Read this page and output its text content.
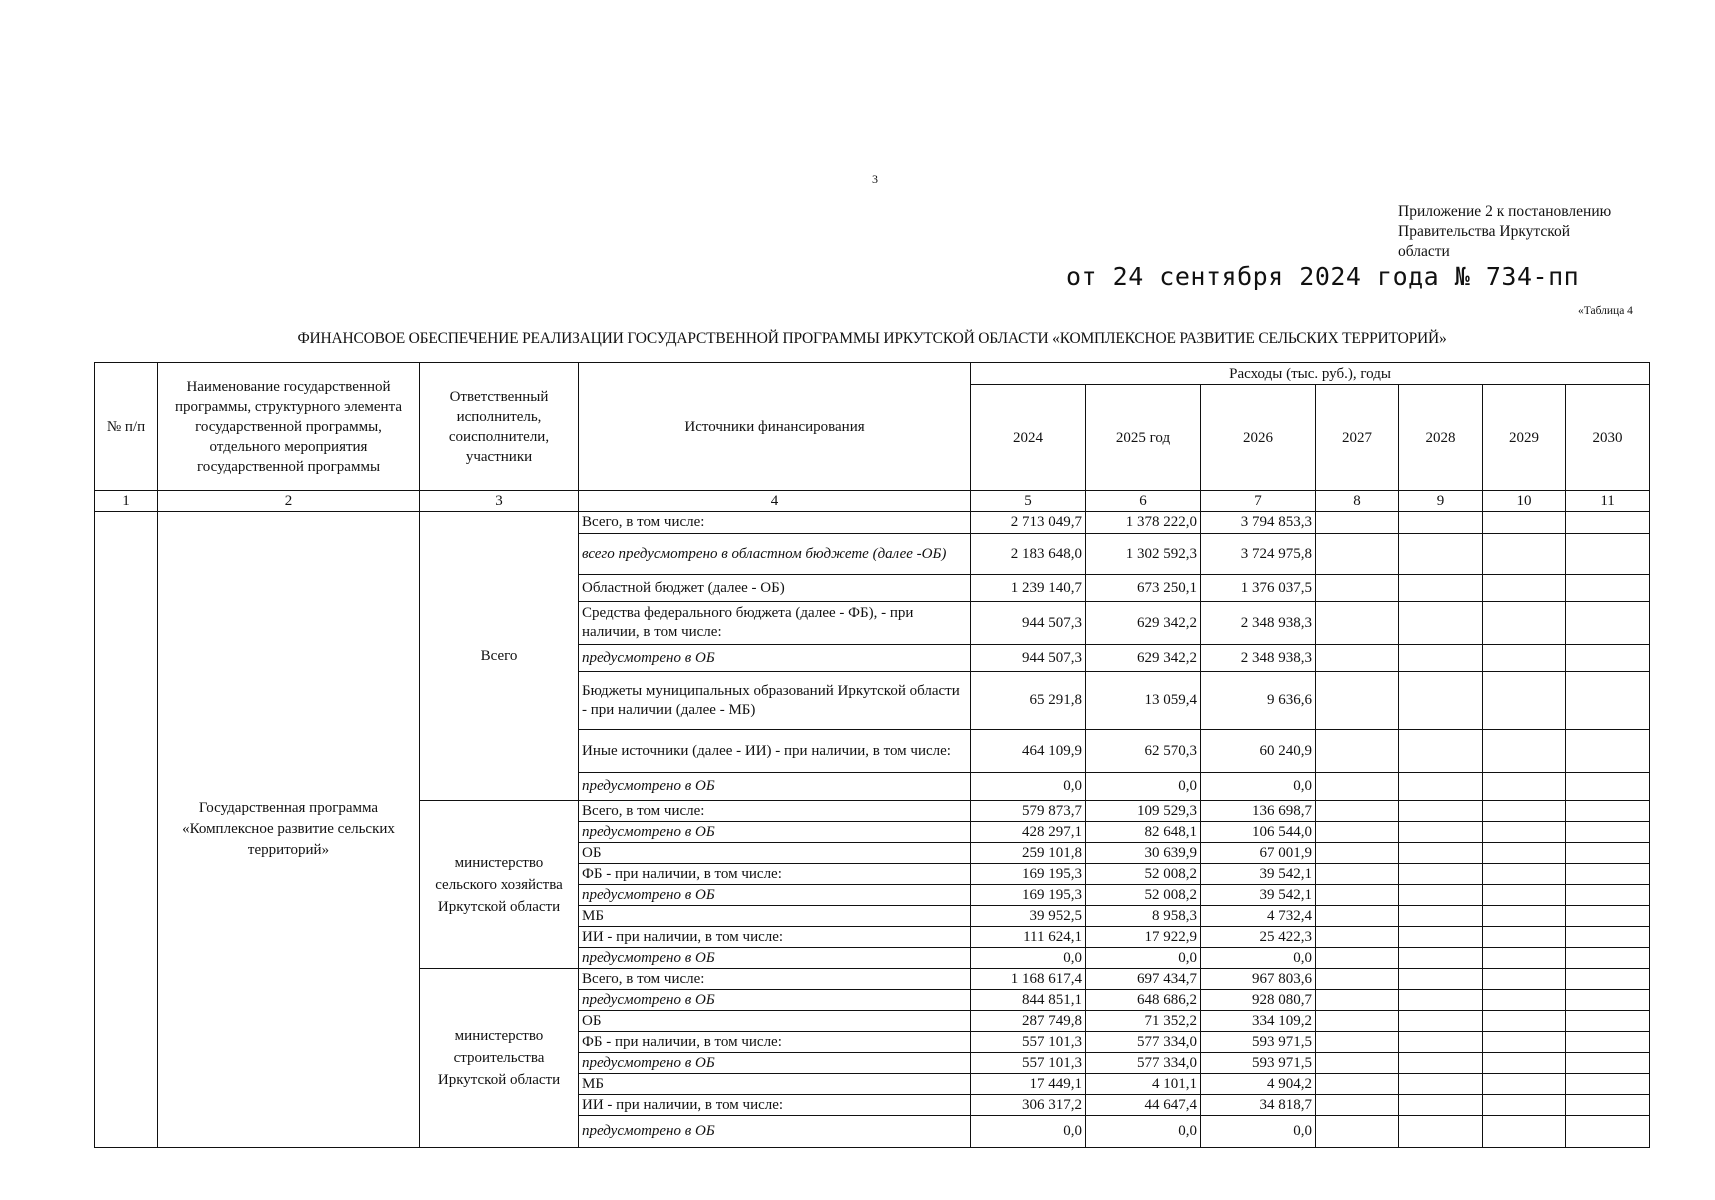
3
Приложение 2 к постановлению
Правительства Иркутской
области
от 24 сентября 2024 года № 734-пп
«Таблица 4
ФИНАНСОВОЕ ОБЕСПЕЧЕНИЕ РЕАЛИЗАЦИИ ГОСУДАРСТВЕННОЙ ПРОГРАММЫ ИРКУТСКОЙ ОБЛАСТИ «КОМПЛЕКСНОЕ РАЗВИТИЕ СЕЛЬСКИХ ТЕРРИТОРИЙ»
№ п/п	Наименование государственной программы, структурного элемента государственной программы, отдельного мероприятия государственной программы	Ответственный исполнитель, соисполнители, участники	Источники финансирования	Расходы (тыс. руб.), годы						
				2024	2025 год	2026	2027	2028	2029	2030
1	2	3	4	5	6	7	8	9	10	11
	Государственная программа «Комплексное развитие сельских территорий»	Всего	Всего, в том числе:	2 713 049,7	1 378 222,0	3 794 853,3				
			всего предусмотрено в областном бюджете (далее -ОБ)	2 183 648,0	1 302 592,3	3 724 975,8				
			Областной бюджет (далее - ОБ)	1 239 140,7	673 250,1	1 376 037,5				
			Средства федерального бюджета (далее - ФБ), - при наличии, в том числе:	944 507,3	629 342,2	2 348 938,3				
			предусмотрено в ОБ	944 507,3	629 342,2	2 348 938,3				
			Бюджеты муниципальных образований Иркутской области - при наличии (далее - МБ)	65 291,8	13 059,4	9 636,6				
			Иные источники (далее - ИИ) - при наличии, в том числе:	464 109,9	62 570,3	60 240,9				
			предусмотрено в ОБ	0,0	0,0	0,0				
		министерство сельского хозяйства Иркутской области	Всего, в том числе:	579 873,7	109 529,3	136 698,7				
			предусмотрено в ОБ	428 297,1	82 648,1	106 544,0				
			ОБ	259 101,8	30 639,9	67 001,9				
			ФБ - при наличии, в том числе:	169 195,3	52 008,2	39 542,1				
			предусмотрено в ОБ	169 195,3	52 008,2	39 542,1				
			МБ	39 952,5	8 958,3	4 732,4				
			ИИ - при наличии, в том числе:	111 624,1	17 922,9	25 422,3				
			предусмотрено в ОБ	0,0	0,0	0,0				
		министерство строительства Иркутской области	Всего, в том числе:	1 168 617,4	697 434,7	967 803,6				
			предусмотрено в ОБ	844 851,1	648 686,2	928 080,7				
			ОБ	287 749,8	71 352,2	334 109,2				
			ФБ - при наличии, в том числе:	557 101,3	577 334,0	593 971,5				
			предусмотрено в ОБ	557 101,3	577 334,0	593 971,5				
			МБ	17 449,1	4 101,1	4 904,2				
			ИИ - при наличии, в том числе:	306 317,2	44 647,4	34 818,7				
			предусмотрено в ОБ	0,0	0,0	0,0				
